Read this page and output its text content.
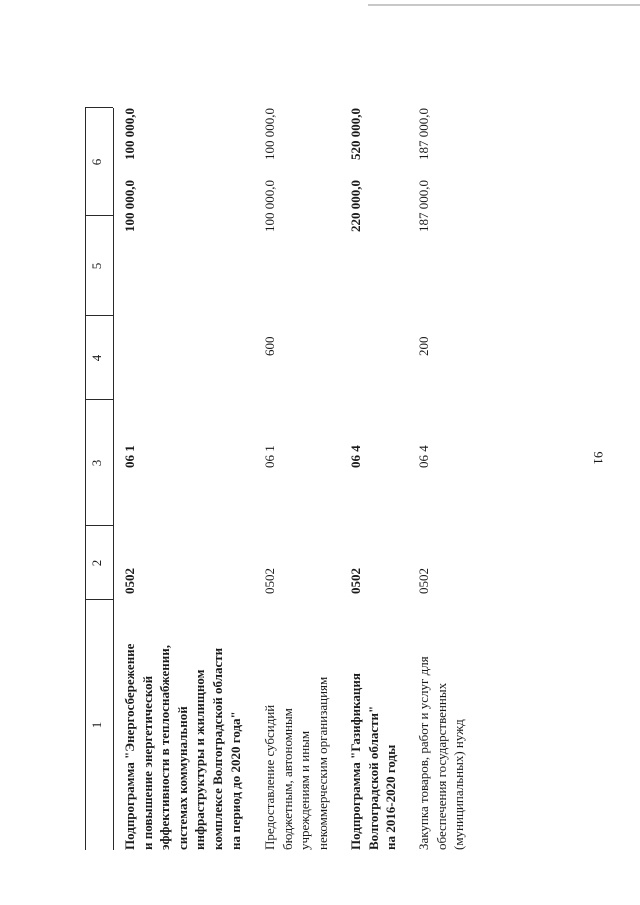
91
1
2
3
4
5
6
Подпрограмма "Энергосбережение и повышение энергетической эффективности в теплоснабжении, системах коммунальной инфраструктуры и жилищном комплексе Волгоградской области на период до 2020 года"
0502
06 1
100 000,0
100 000,0
Предоставление субсидий бюджетным, автономным учреждениям и иным некоммерческим организациям
0502
06 1
600
100 000,0
100 000,0
Подпрограмма "Газификация Волгоградской области" на 2016-2020 годы
0502
06 4
220 000,0
520 000,0
Закупка товаров, работ и услуг для обеспечения государственных (муниципальных) нужд
0502
06 4
200
187 000,0
187 000,0
